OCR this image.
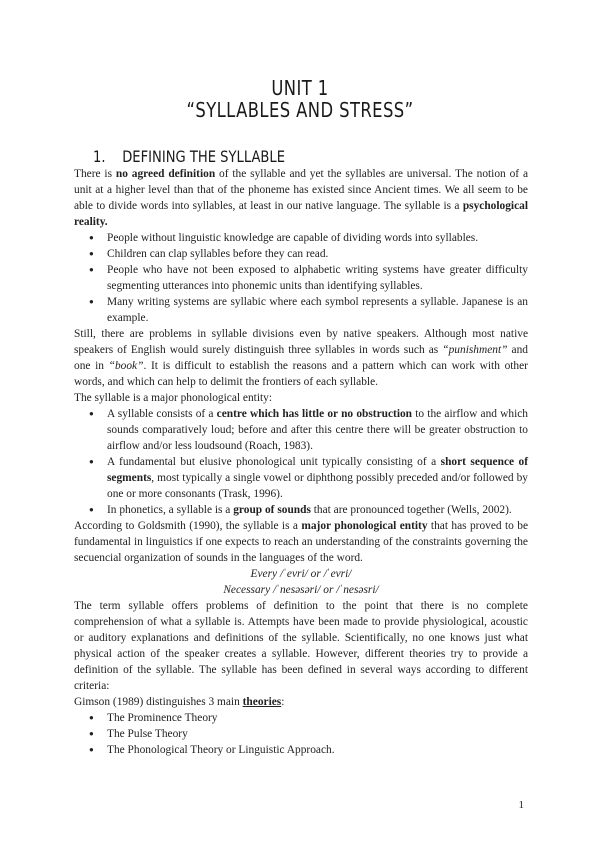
UNIT 1
“SYLLABLES AND STRESS”
1. DEFINING THE SYLLABLE

There is no agreed definition of the syllable and yet the syllables are universal. The notion of a unit at a higher level than that of the phoneme has existed since Ancient times. We all seem to be able to divide words into syllables, at least in our native language. The syllable is a psychological reality.

● People without linguistic knowledge are capable of dividing words into syllables.
● Children can clap syllables before they can read.
● People who have not been exposed to alphabetic writing systems have greater difficulty segmenting utterances into phonemic units than identifying syllables.
● Many writing systems are syllabic where each symbol represents a syllable. Japanese is an example.

Still, there are problems in syllable divisions even by native speakers. Although most native speakers of English would surely distinguish three syllables in words such as “punishment” and one in “book”. It is difficult to establish the reasons and a pattern which can work with other words, and which can help to delimit the frontiers of each syllable.

The syllable is a major phonological entity:

● A syllable consists of a centre which has little or no obstruction to the airflow and which sounds comparatively loud; before and after this centre there will be greater obstruction to airflow and/or less loudsound (Roach, 1983).
● A fundamental but elusive phonological unit typically consisting of a short sequence of segments, most typically a single vowel or diphthong possibly preceded and/or followed by one or more consonants (Trask, 1996).
● In phonetics, a syllable is a group of sounds that are pronounced together (Wells, 2002).

According to Goldsmith (1990), the syllable is a major phonological entity that has proved to be fundamental in linguistics if one expects to reach an understanding of the constraints governing the secuencial organization of sounds in the languages of the word.

Every /ˈevri/ or /ˈevri/

Necessary /ˈnesəsəri/ or /ˈnesəsri/

The term syllable offers problems of definition to the point that there is no complete comprehension of what a syllable is. Attempts have been made to provide physiological, acoustic or auditory explanations and definitions of the syllable. Scientifically, no one knows just what physical action of the speaker creates a syllable. However, different theories try to provide a definition of the syllable. The syllable has been defined in several ways according to different criteria:

Gimson (1989) distinguishes 3 main theories:

● The Prominence Theory
● The Pulse Theory
● The Phonological Theory or Linguistic Approach.
1
